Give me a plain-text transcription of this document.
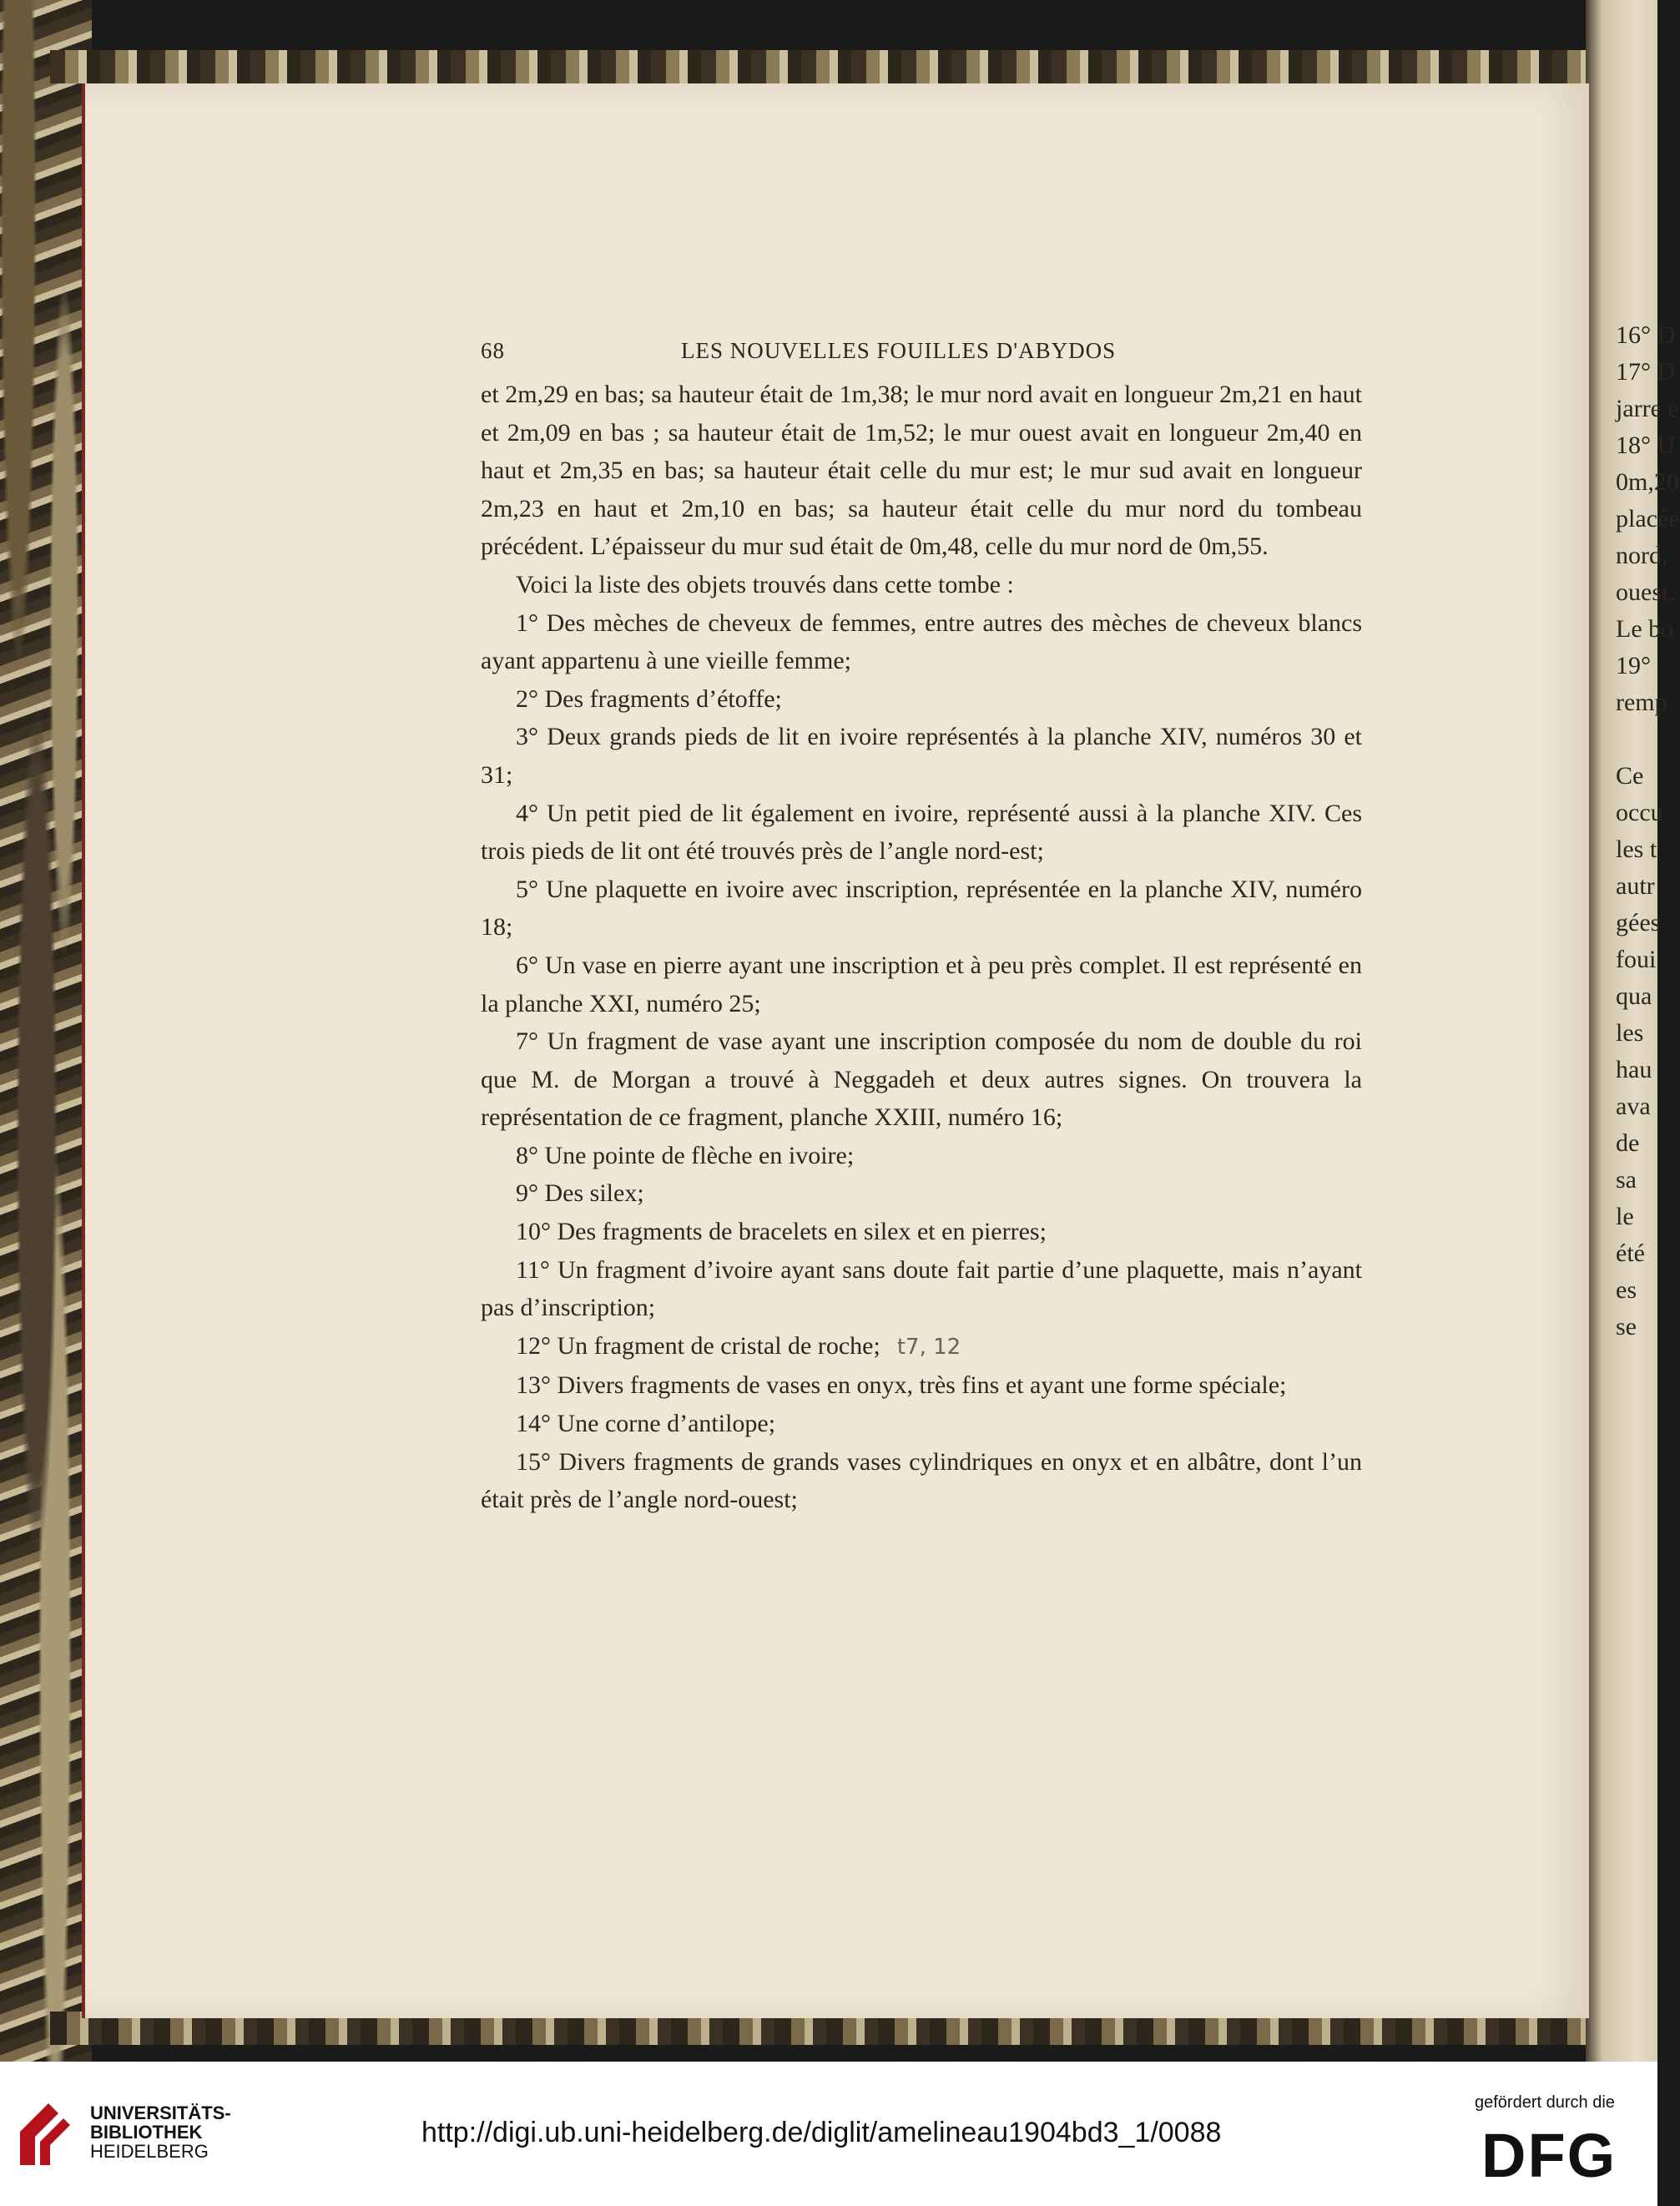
16° D
17° D
jarre e
18° U
0m,20
placée
nord,
ouest.
Le bo
19°
remp

Ce
occu
les t
autr
gées
foui
qua
les
hau
ava
de
sa
le
été
es
se
68	LES NOUVELLES FOUILLES D'ABYDOS

et 2m,29 en bas; sa hauteur était de 1m,38; le mur nord avait en longueur 2m,21 en haut et 2m,09 en bas ; sa hauteur était de 1m,52; le mur ouest avait en longueur 2m,40 en haut et 2m,35 en bas; sa hauteur était celle du mur est; le mur sud avait en longueur 2m,23 en haut et 2m,10 en bas; sa hauteur était celle du mur nord du tombeau précédent. L’épaisseur du mur sud était de 0m,48, celle du mur nord de 0m,55.

Voici la liste des objets trouvés dans cette tombe :

1° Des mèches de cheveux de femmes, entre autres des mèches de cheveux blancs ayant appartenu à une vieille femme;

2° Des fragments d’étoffe;

3° Deux grands pieds de lit en ivoire représentés à la planche XIV, numéros 30 et 31;

4° Un petit pied de lit également en ivoire, représenté aussi à la planche XIV. Ces trois pieds de lit ont été trouvés près de l’angle nord-est;

5° Une plaquette en ivoire avec inscription, représentée en la planche XIV, numéro 18;

6° Un vase en pierre ayant une inscription et à peu près complet. Il est représenté en la planche XXI, numéro 25;

7° Un fragment de vase ayant une inscription composée du nom de double du roi que M. de Morgan a trouvé à Neggadeh et deux autres signes. On trouvera la représentation de ce fragment, planche XXIII, numéro 16;

8° Une pointe de flèche en ivoire;

9° Des silex;

10° Des fragments de bracelets en silex et en pierres;

11° Un fragment d’ivoire ayant sans doute fait partie d’une plaquette, mais n’ayant pas d’inscription;

12° Un fragment de cristal de roche; t7, 12

13° Divers fragments de vases en onyx, très fins et ayant une forme spéciale;

14° Une corne d’antilope;

15° Divers fragments de grands vases cylindriques en onyx et en albâtre, dont l’un était près de l’angle nord-ouest;

UNIVERSITÄTS-
BIBLIOTHEK
HEIDELBERG
http://digi.ub.uni-heidelberg.de/diglit/amelineau1904bd3_1/0088
gefördert durch die
DFG
